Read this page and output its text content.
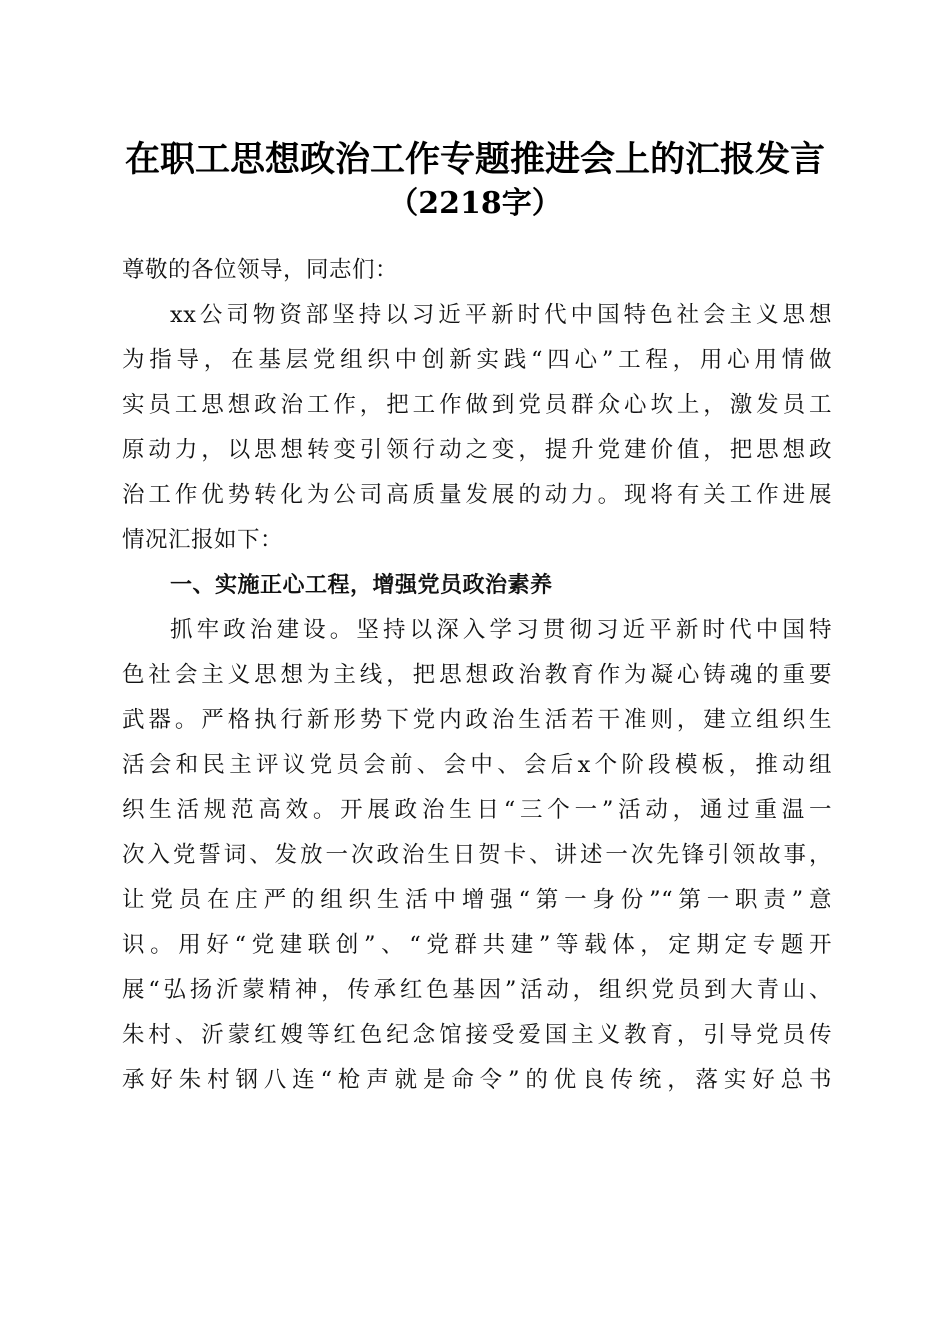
在职工思想政治工作专题推进会上的汇报发言
（2218字）
尊敬的各位领导，同志们：
xx公司物资部坚持以习近平新时代中国特色社会主义思想
为指导，在基层党组织中创新实践“四心”工程，用心用情做
实员工思想政治工作，把工作做到党员群众心坎上，激发员工
原动力，以思想转变引领行动之变，提升党建价值，把思想政
治工作优势转化为公司高质量发展的动力。现将有关工作进展
情况汇报如下：
一、实施正心工程，增强党员政治素养
抓牢政治建设。坚持以深入学习贯彻习近平新时代中国特
色社会主义思想为主线，把思想政治教育作为凝心铸魂的重要
武器。严格执行新形势下党内政治生活若干准则，建立组织生
活会和民主评议党员会前、会中、会后x个阶段模板，推动组
织生活规范高效。开展政治生日“三个一”活动，通过重温一
次入党誓词、发放一次政治生日贺卡、讲述一次先锋引领故事，
让党员在庄严的组织生活中增强“第一身份”“第一职责”意
识。用好“党建联创”、“党群共建”等载体，定期定专题开
展“弘扬沂蒙精神，传承红色基因”活动，组织党员到大青山、
朱村、沂蒙红嫂等红色纪念馆接受爱国主义教育，引导党员传
承好朱村钢八连“枪声就是命令”的优良传统，落实好总书
